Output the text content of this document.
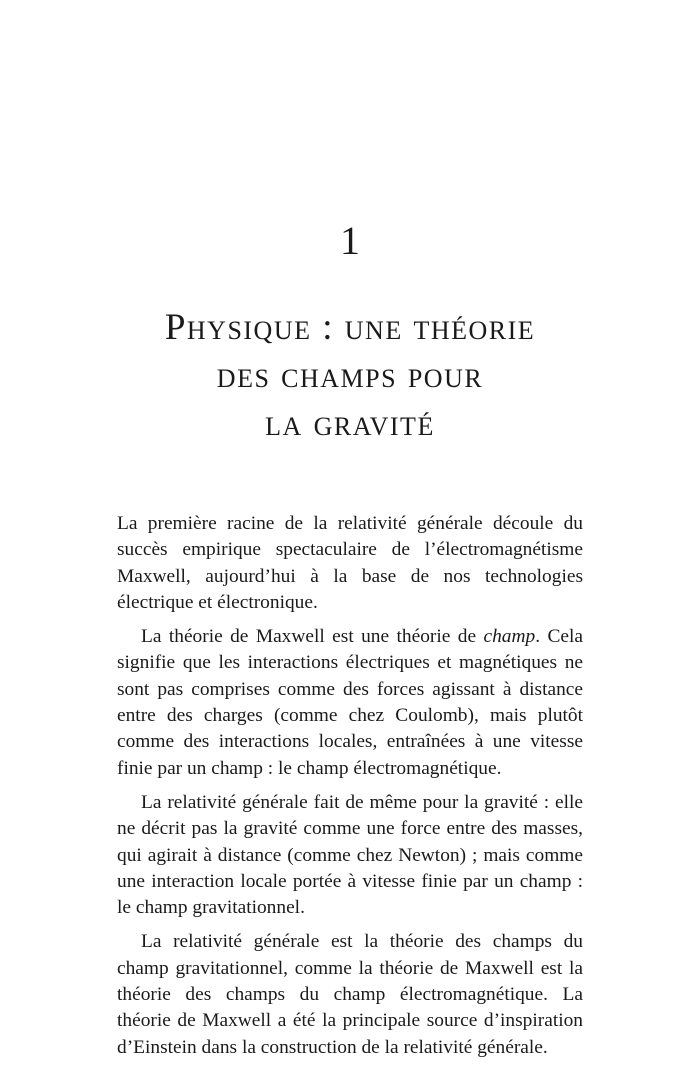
1
Physique : une théorie
des champs pour
la gravité

La première racine de la relativité générale découle du succès empirique spectaculaire de l’électromagnétisme Maxwell, aujourd’hui à la base de nos technologies électrique et électronique.

La théorie de Maxwell est une théorie de champ. Cela signifie que les interactions électriques et magnétiques ne sont pas comprises comme des forces agissant à distance entre des charges (comme chez Coulomb), mais plutôt comme des interactions locales, entraînées à une vitesse finie par un champ : le champ électromagnétique.

La relativité générale fait de même pour la gravité : elle ne décrit pas la gravité comme une force entre des masses, qui agirait à distance (comme chez Newton) ; mais comme une interaction locale portée à vitesse finie par un champ : le champ gravitationnel.

La relativité générale est la théorie des champs du champ gravitationnel, comme la théorie de Maxwell est la théorie des champs du champ électromagnétique. La théorie de Maxwell a été la principale source d’inspiration d’Einstein dans la construction de la relativité générale.
